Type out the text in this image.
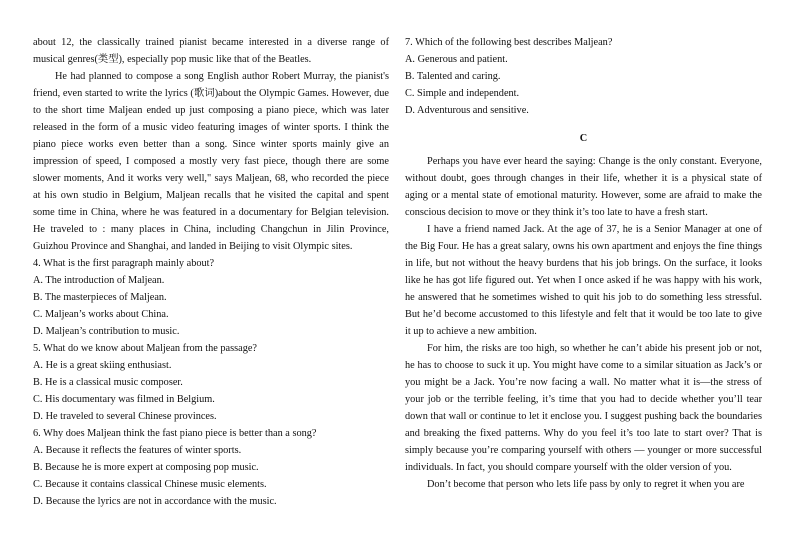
about 12, the classically trained pianist became interested in a diverse range of musical genres(类型), especially pop music like that of the Beatles.

He had planned to compose a song English author Robert Murray, the pianist's friend, even started to write the lyrics (歌词)about the Olympic Games. However, due to the short time Maljean ended up just composing a piano piece, which was later released in the form of a music video featuring images of winter sports. I think the piano piece works even better than a song. Since winter sports mainly give an impression of speed, I composed a mostly very fast piece, though there are some slower moments, And it works very well," says Maljean, 68, who recorded the piece at his own studio in Belgium, Maljean recalls that he visited the capital and spent some time in China, where he was featured in a documentary for Belgian television. He traveled to : many places in China, including Changchun in Jilin Province, Guizhou Province and Shanghai, and landed in Beijing to visit Olympic sites.

4. What is the first paragraph mainly about?

A. The introduction of Maljean.

B. The masterpieces of Maljean.

C. Maljean’s works about China.

D. Maljean’s contribution to music.

5. What do we know about Maljean from the passage?

A. He is a great skiing enthusiast.

B. He is a classical music composer.

C. His documentary was filmed in Belgium.

D. He traveled to several Chinese provinces.

6. Why does Maljean think the fast piano piece is better than a song?

A. Because it reflects the features of winter sports.

B. Because he is more expert at composing pop music.

C. Because it contains classical Chinese music elements.

D. Because the lyrics are not in accordance with the music.

7. Which of the following best describes Maljean?

A. Generous and patient.

B. Talented and caring.

C. Simple and independent.

D. Adventurous and sensitive.

C

Perhaps you have ever heard the saying: Change is the only constant. Everyone, without doubt, goes through changes in their life, whether it is a physical state of aging or a mental state of emotional maturity. However, some are afraid to make the conscious decision to move or they think it’s too late to have a fresh start.

I have a friend named Jack. At the age of 37, he is a Senior Manager at one of the Big Four. He has a great salary, owns his own apartment and enjoys the fine things in life, but not without the heavy burdens that his job brings. On the surface, it looks like he has got life figured out. Yet when I once asked if he was happy with his work, he answered that he sometimes wished to quit his job to do something less stressful. But he’d become accustomed to this lifestyle and felt that it would be too late to give it up to achieve a new ambition.

For him, the risks are too high, so whether he can’t abide his present job or not, he has to choose to suck it up. You might have come to a similar situation as Jack’s or you might be a Jack. You’re now facing a wall. No matter what it is—the stress of your job or the terrible feeling, it’s time that you had to decide whether you’ll tear down that wall or continue to let it enclose you. I suggest pushing back the boundaries and breaking the fixed patterns. Why do you feel it’s too late to start over? That is simply because you’re comparing yourself with others — younger or more successful individuals. In fact, you should compare yourself with the older version of you.

Don’t become that person who lets life pass by only to regret it when you are
